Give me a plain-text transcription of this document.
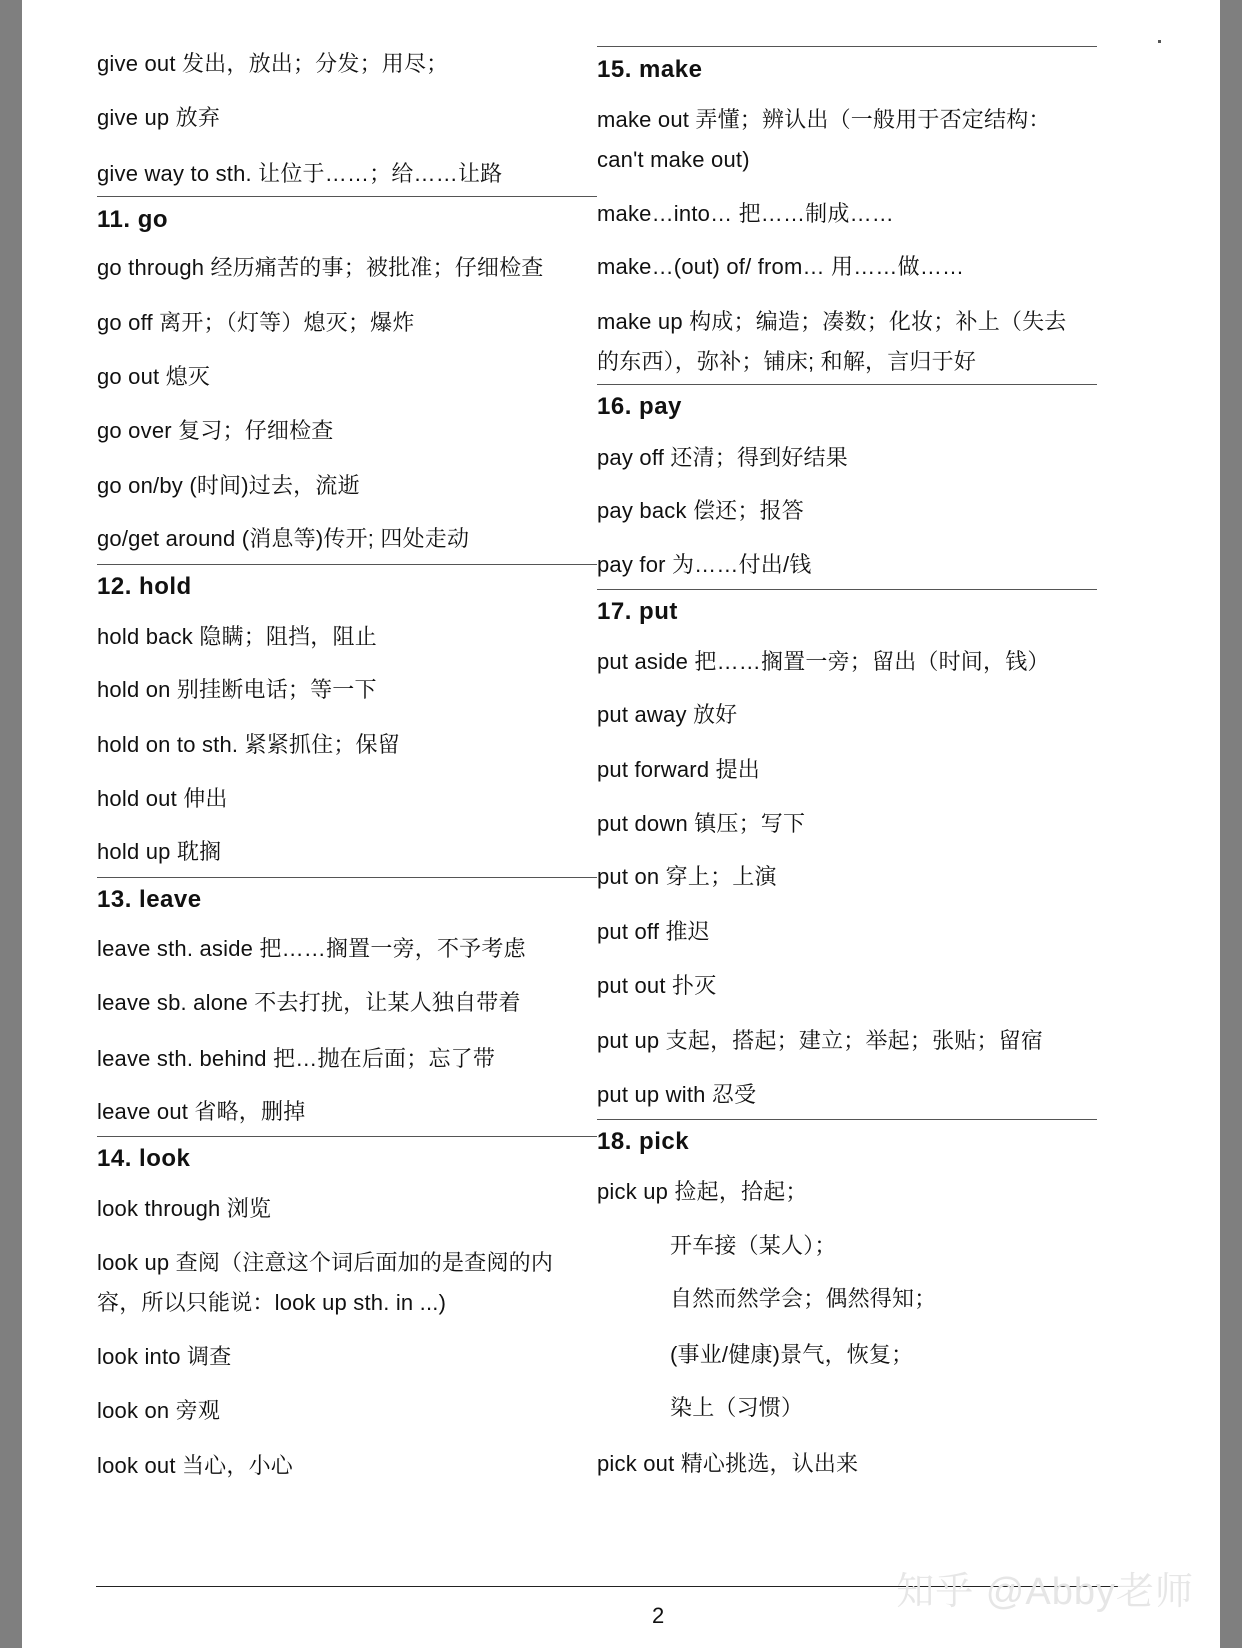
give out 发出，放出；分发；用尽；
give up 放弃
give way to sth. 让位于……；给……让路
11. go
go through 经历痛苦的事；被批准；仔细检查
go off 离开；（灯等）熄灭；爆炸
go out 熄灭
go over 复习；仔细检查
go on/by (时间)过去，流逝
go/get around (消息等)传开; 四处走动
12. hold
hold back 隐瞒；阻挡，阻止
hold on 别挂断电话；等一下
hold on to sth. 紧紧抓住；保留
hold out 伸出
hold up 耽搁
13. leave
leave sth. aside 把……搁置一旁，不予考虑
leave sb. alone 不去打扰，让某人独自带着
leave sth. behind 把…抛在后面；忘了带
leave out 省略，删掉
14. look
look through 浏览
look up 查阅（注意这个词后面加的是查阅的内容，所以只能说：look up sth. in ...)
look into 调查
look on 旁观
look out 当心，小心
15. make
make out 弄懂；辨认出（一般用于否定结构：can't make out)
make…into… 把……制成……
make…(out) of/ from… 用……做……
make up 构成；编造；凑数；化妆；补上（失去的东西），弥补；铺床; 和解，言归于好
16. pay
pay off 还清；得到好结果
pay back 偿还；报答
pay for 为……付出/钱
17. put
put aside 把……搁置一旁；留出（时间，钱）
put away 放好
put forward 提出
put down 镇压；写下
put on 穿上；上演
put off 推迟
put out 扑灭
put up 支起，搭起；建立；举起；张贴；留宿
put up with 忍受
18. pick
pick up 捡起，拾起；
开车接（某人）；
自然而然学会；偶然得知；
(事业/健康)景气，恢复；
染上（习惯）
pick out 精心挑选，认出来
2
知乎 @Abby老师
